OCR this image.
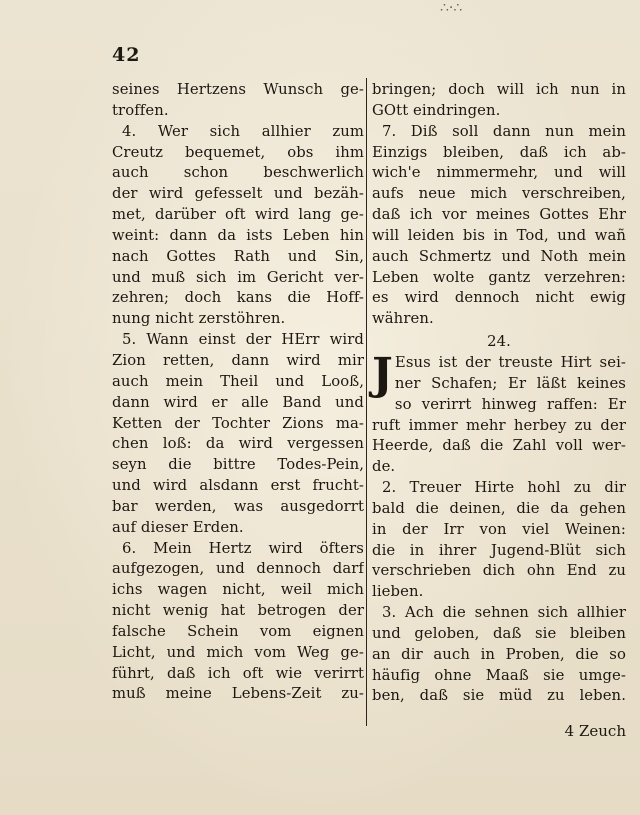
∴·∴
42
seines Hertzens Wunsch ge-
troffen.
4. Wer sich allhier zum
Creutz bequemet, obs ihm
auch schon beschwerlich
der wird gefesselt und bezäh-
met, darüber oft wird lang ge-
weint: dann da ists Leben hin
nach Gottes Rath und Sin,
und muß sich im Gericht ver-
zehren; doch kans die Hoff-
nung nicht zerstöhren.
5. Wann einst der HErr wird
Zion retten, dann wird mir
auch mein Theil und Looß,
dann wird er alle Band und
Ketten der Tochter Zions ma-
chen loß: da wird vergessen
seyn die bittre Todes-Pein,
und wird alsdann erst frucht-
bar werden, was ausgedorrt
auf dieser Erden.
6. Mein Hertz wird öfters
aufgezogen, und dennoch darf
ichs wagen nicht, weil mich
nicht wenig hat betrogen der
falsche Schein vom eignen
Licht, und mich vom Weg ge-
führt, daß ich oft wie verirrt
muß meine Lebens-Zeit zu-
bringen; doch will ich nun in
GOtt eindringen.
7. Diß soll dann nun mein
Einzigs bleiben, daß ich ab-
wich'e nimmermehr, und will
aufs neue mich verschreiben,
daß ich vor meines Gottes Ehr
will leiden bis in Tod, und wañ
auch Schmertz und Noth mein
Leben wolte gantz verzehren:
es wird dennoch nicht ewig
währen.
24.
J Esus ist der treuste Hirt sei-
ner Schafen; Er läßt keines
so verirrt hinweg raffen: Er
ruft immer mehr herbey zu der
Heerde, daß die Zahl voll wer-
de.
2. Treuer Hirte hohl zu dir
bald die deinen, die da gehen
in der Irr von viel Weinen:
die in ihrer Jugend-Blüt sich
verschrieben dich ohn End zu
lieben.
3. Ach die sehnen sich allhier
und geloben, daß sie bleiben
an dir auch in Proben, die so
häufig ohne Maaß sie umge-
ben, daß sie müd zu leben.
4 Zeuch
